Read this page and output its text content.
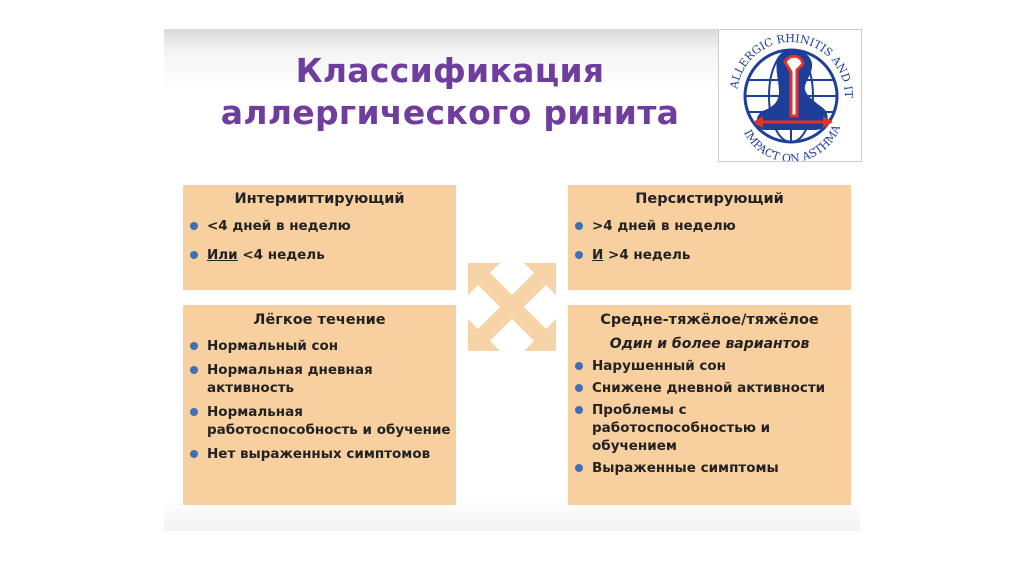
Классификация
аллергического ринита
ALLERGIC RHINITIS AND IT
IMPACT ON ASTHMA
Интермиттирующий
<4 дней в неделю
Или <4 недель
Персистирующий
>4 дней в неделю
И >4 недель
Лёгкое течение
Нормальный сон
Нормальная дневная активность
Нормальная работоспособность и обучение
Нет выраженных симптомов
Средне-тяжёлое/тяжёлое
Один и более вариантов
Нарушенный сон
Снижене дневной активности
Проблемы с работоспособностью и обучением
Выраженные симптомы
